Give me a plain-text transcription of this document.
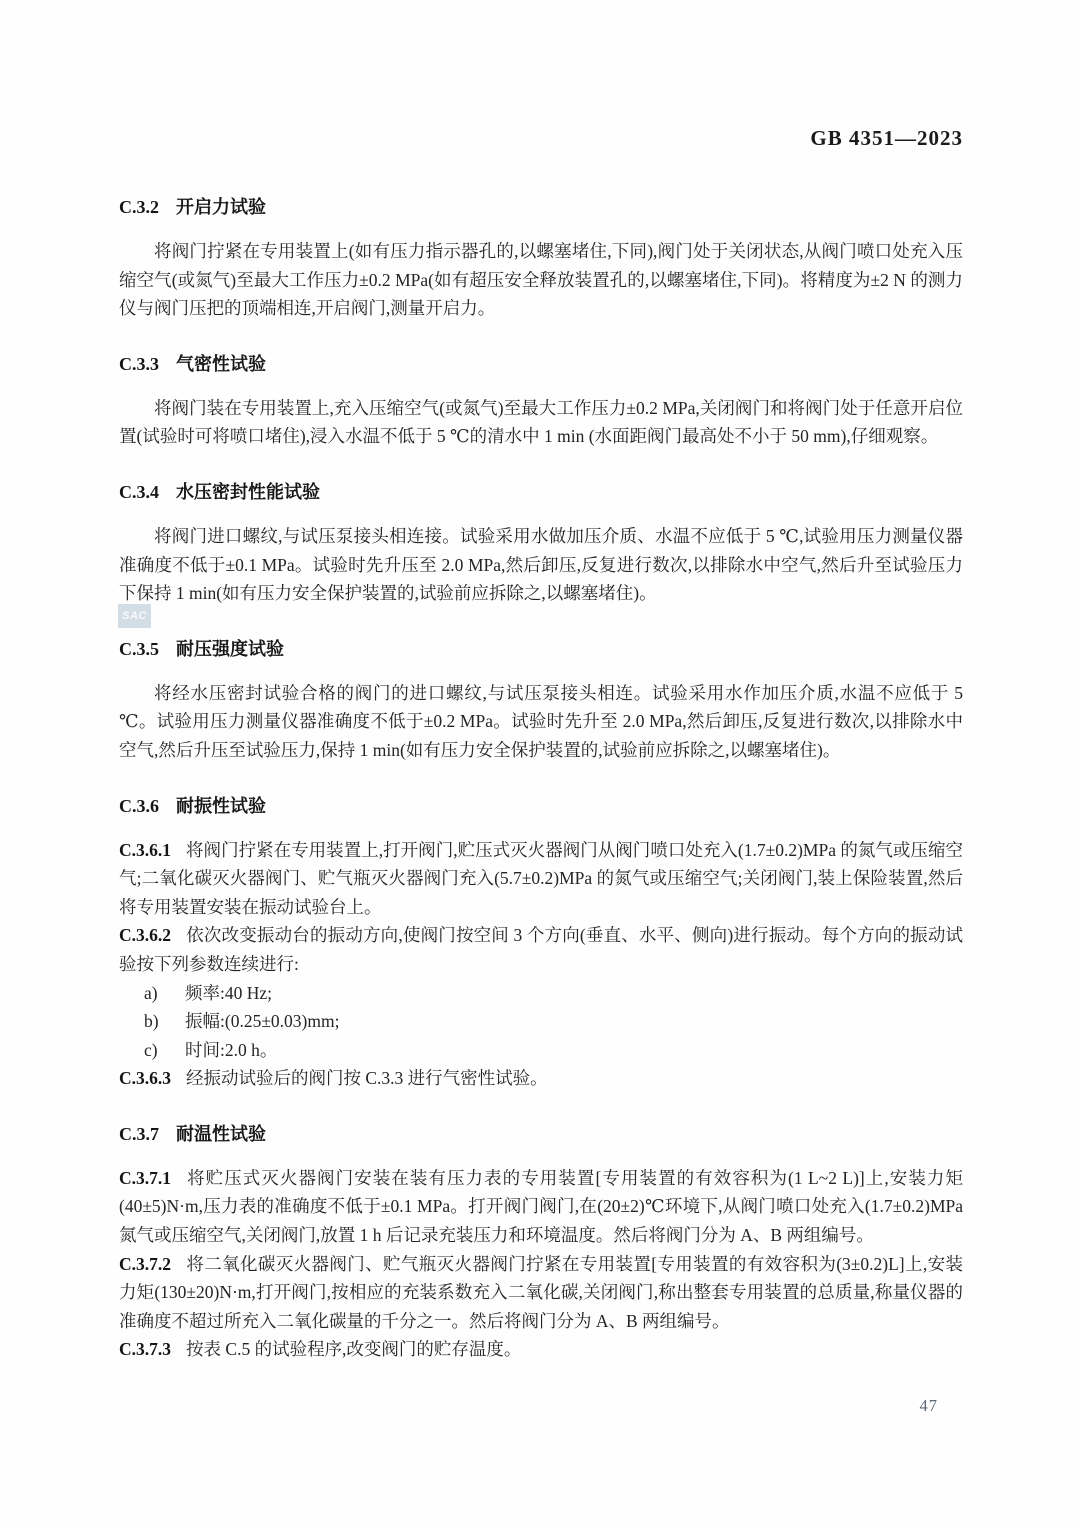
GB 4351—2023
SAC
C.3.2 开启力试验

将阀门拧紧在专用装置上(如有压力指示器孔的,以螺塞堵住,下同),阀门处于关闭状态,从阀门喷口处充入压缩空气(或氮气)至最大工作压力±0.2 MPa(如有超压安全释放装置孔的,以螺塞堵住,下同)。将精度为±2 N 的测力仪与阀门压把的顶端相连,开启阀门,测量开启力。

C.3.3 气密性试验

将阀门装在专用装置上,充入压缩空气(或氮气)至最大工作压力±0.2 MPa,关闭阀门和将阀门处于任意开启位置(试验时可将喷口堵住),浸入水温不低于 5 ℃的清水中 1 min (水面距阀门最高处不小于 50 mm),仔细观察。

C.3.4 水压密封性能试验

将阀门进口螺纹,与试压泵接头相连接。试验采用水做加压介质、水温不应低于 5 ℃,试验用压力测量仪器准确度不低于±0.1 MPa。试验时先升压至 2.0 MPa,然后卸压,反复进行数次,以排除水中空气,然后升至试验压力下保持 1 min(如有压力安全保护装置的,试验前应拆除之,以螺塞堵住)。

C.3.5 耐压强度试验

将经水压密封试验合格的阀门的进口螺纹,与试压泵接头相连。试验采用水作加压介质,水温不应低于 5 ℃。试验用压力测量仪器准确度不低于±0.2 MPa。试验时先升至 2.0 MPa,然后卸压,反复进行数次,以排除水中空气,然后升压至试验压力,保持 1 min(如有压力安全保护装置的,试验前应拆除之,以螺塞堵住)。

C.3.6 耐振性试验

C.3.6.1 将阀门拧紧在专用装置上,打开阀门,贮压式灭火器阀门从阀门喷口处充入(1.7±0.2)MPa 的氮气或压缩空气;二氧化碳灭火器阀门、贮气瓶灭火器阀门充入(5.7±0.2)MPa 的氮气或压缩空气;关闭阀门,装上保险装置,然后将专用装置安装在振动试验台上。

C.3.6.2 依次改变振动台的振动方向,使阀门按空间 3 个方向(垂直、水平、侧向)进行振动。每个方向的振动试验按下列参数连续进行:

a) 频率:40 Hz;
b) 振幅:(0.25±0.03)mm;
c) 时间:2.0 h。

C.3.6.3 经振动试验后的阀门按 C.3.3 进行气密性试验。

C.3.7 耐温性试验

C.3.7.1 将贮压式灭火器阀门安装在装有压力表的专用装置[专用装置的有效容积为(1 L~2 L)]上,安装力矩(40±5)N·m,压力表的准确度不低于±0.1 MPa。打开阀门阀门,在(20±2)℃环境下,从阀门喷口处充入(1.7±0.2)MPa 氮气或压缩空气,关闭阀门,放置 1 h 后记录充装压力和环境温度。然后将阀门分为 A、B 两组编号。

C.3.7.2 将二氧化碳灭火器阀门、贮气瓶灭火器阀门拧紧在专用装置[专用装置的有效容积为(3±0.2)L]上,安装力矩(130±20)N·m,打开阀门,按相应的充装系数充入二氧化碳,关闭阀门,称出整套专用装置的总质量,称量仪器的准确度不超过所充入二氧化碳量的千分之一。然后将阀门分为 A、B 两组编号。

C.3.7.3 按表 C.5 的试验程序,改变阀门的贮存温度。

47
